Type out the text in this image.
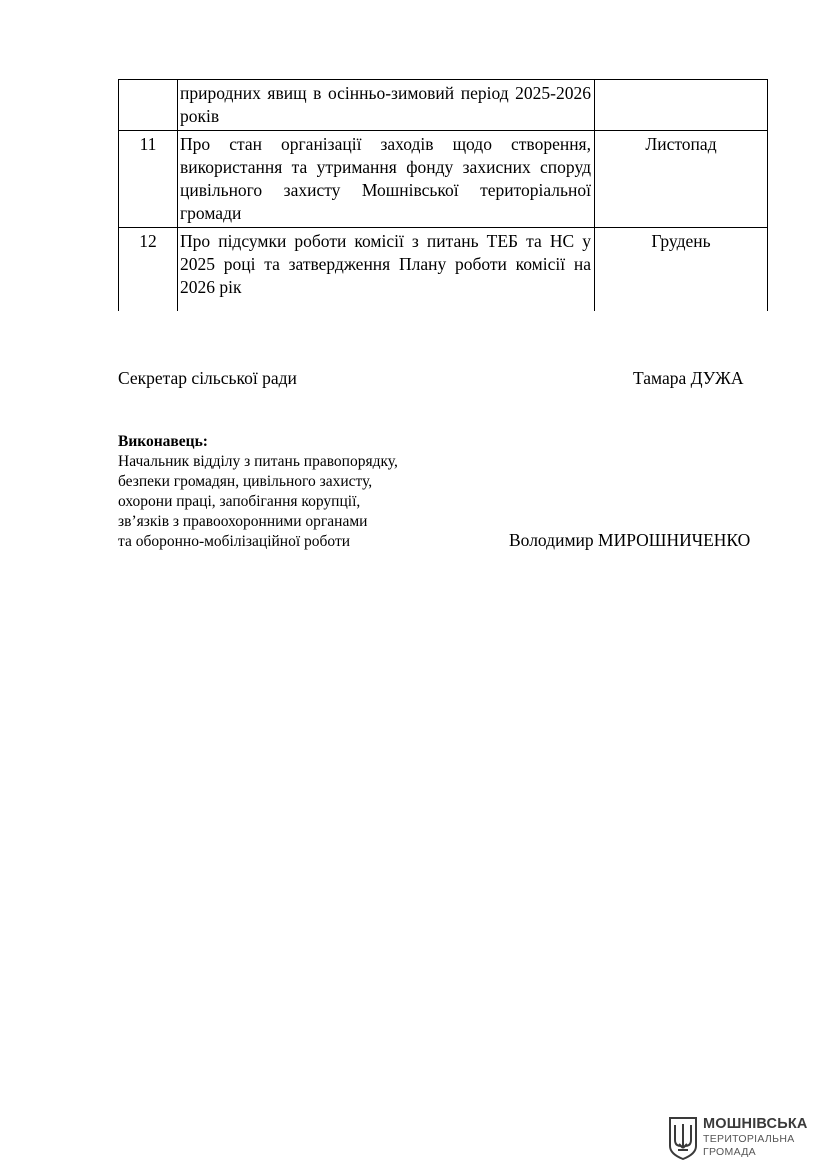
	природних явищ в осінньо-зимовий період 2025-2026 років	
11	Про стан організації заходів щодо створення, використання та утримання фонду захисних споруд цивільного захисту Мошнівської територіальної громади	Листопад
12	Про підсумки роботи комісії з питань ТЕБ та НС у 2025 році та затвердження Плану роботи комісії на 2026 рік	Грудень
Секретар сільської ради	Тамара ДУЖА
Виконавець:
Начальник відділу з питань правопорядку,
безпеки громадян, цивільного захисту,
охорони праці, запобігання корупції,
зв’язків з правоохоронними органами
та оборонно-мобілізаційної роботи	Володимир МИРОШНИЧЕНКО
МОШНІВСЬКА
ТЕРИТОРІАЛЬНА
ГРОМАДА
